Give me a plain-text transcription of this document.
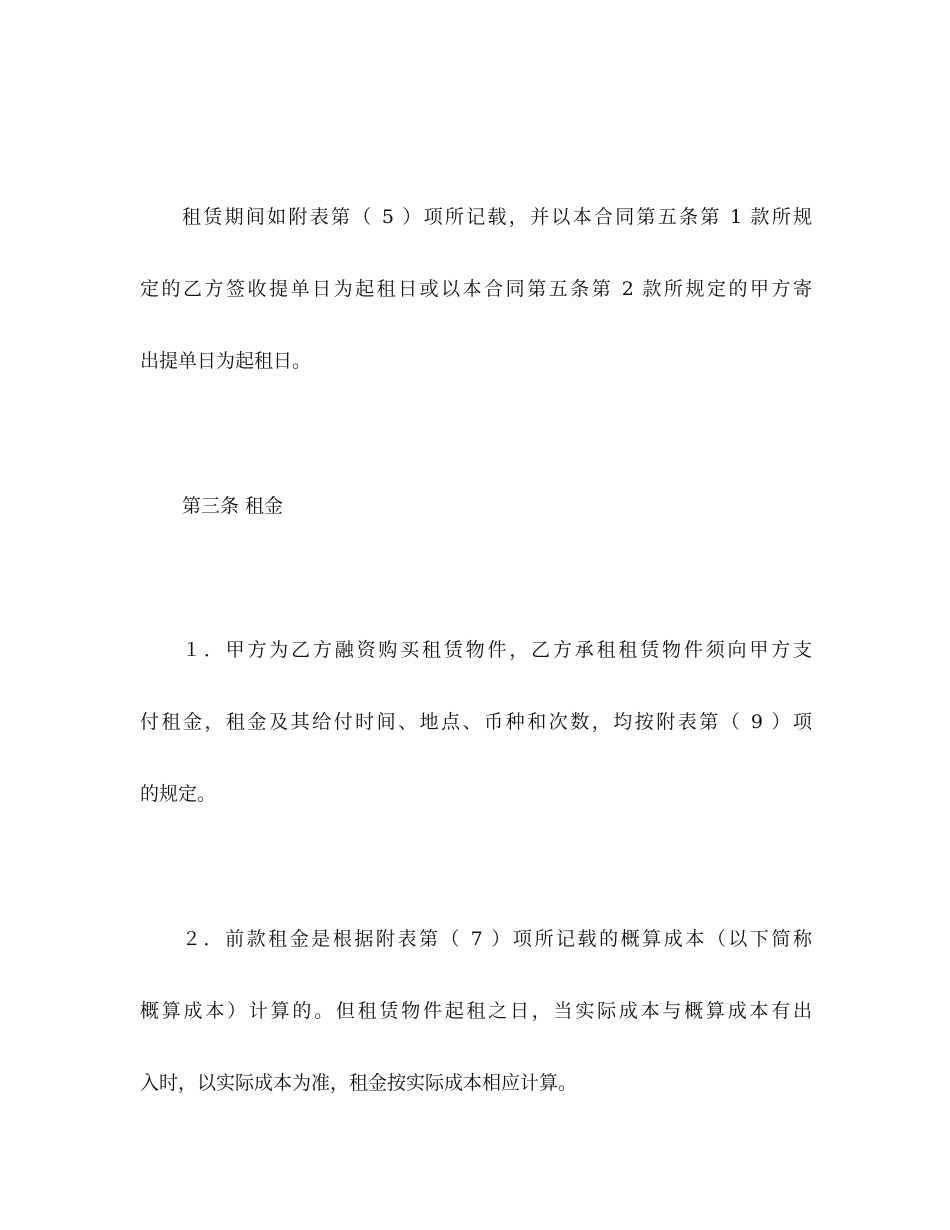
租赁期间如附表第（ 5 ）项所记载，并以本合同第五条第 1 款所规
定的乙方签收提单日为起租日或以本合同第五条第 2 款所规定的甲方寄
出提单日为起租日。
第三条 租金
１．甲方为乙方融资购买租赁物件，乙方承租租赁物件须向甲方支
付租金，租金及其给付时间、地点、币种和次数，均按附表第（ 9 ）项
的规定。
２．前款租金是根据附表第（ 7 ）项所记载的概算成本（以下简称
概算成本）计算的。但租赁物件起租之日，当实际成本与概算成本有出
入时，以实际成本为准，租金按实际成本相应计算。
